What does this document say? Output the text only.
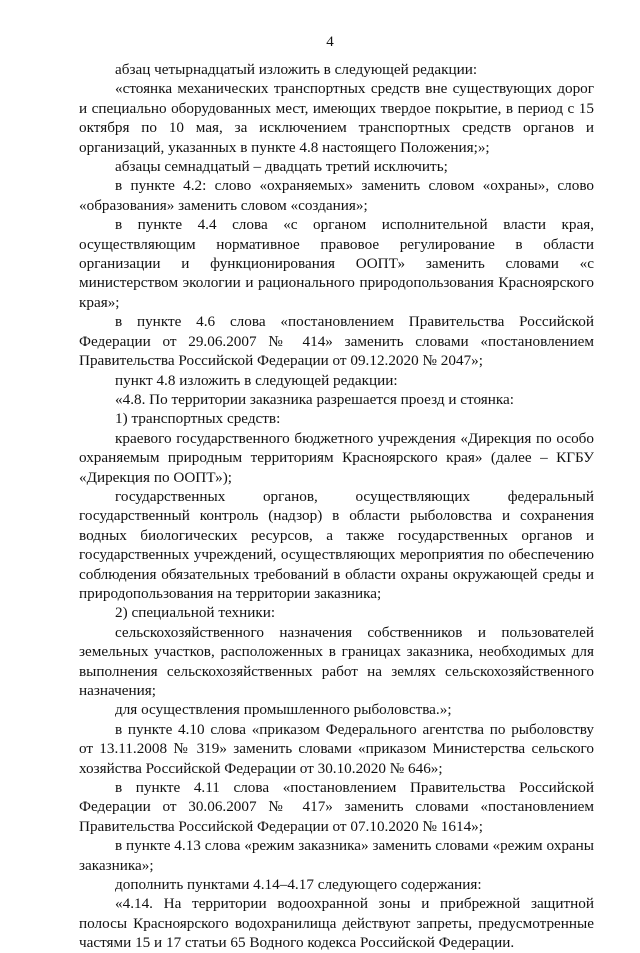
4

абзац четырнадцатый изложить в следующей редакции:

«стоянка механических транспортных средств вне существующих дорог и специально оборудованных мест, имеющих твердое покрытие, в период с 15 октября по 10 мая, за исключением транспортных средств органов и организаций, указанных в пункте 4.8 настоящего Положения;»;

абзацы семнадцатый – двадцать третий исключить;

в пункте 4.2: слово «охраняемых» заменить словом «охраны», слово «образования» заменить словом «создания»;

в пункте 4.4 слова «с органом исполнительной власти края, осуществляющим нормативное правовое регулирование в области организации и функционирования ООПТ» заменить словами «с министерством экологии и рационального природопользования Красноярского края»;

в пункте 4.6 слова «постановлением Правительства Российской Федерации от 29.06.2007 № 414» заменить словами «постановлением Правительства Российской Федерации от 09.12.2020 № 2047»;

пункт 4.8 изложить в следующей редакции:

«4.8. По территории заказника разрешается проезд и стоянка:

1) транспортных средств:

краевого государственного бюджетного учреждения «Дирекция по особо охраняемым природным территориям Красноярского края» (далее – КГБУ «Дирекция по ООПТ»);

государственных органов, осуществляющих федеральный государственный контроль (надзор) в области рыболовства и сохранения водных биологических ресурсов, а также государственных органов и государственных учреждений, осуществляющих мероприятия по обеспечению соблюдения обязательных требований в области охраны окружающей среды и природопользования на территории заказника;

2) специальной техники:

сельскохозяйственного назначения собственников и пользователей земельных участков, расположенных в границах заказника, необходимых для выполнения сельскохозяйственных работ на землях сельскохозяйственного назначения;

для осуществления промышленного рыболовства.»;

в пункте 4.10 слова «приказом Федерального агентства по рыболовству от 13.11.2008 № 319» заменить словами «приказом Министерства сельского хозяйства Российской Федерации от 30.10.2020 № 646»;

в пункте 4.11 слова «постановлением Правительства Российской Федерации от 30.06.2007 № 417» заменить словами «постановлением Правительства Российской Федерации от 07.10.2020 № 1614»;

в пункте 4.13 слова «режим заказника» заменить словами «режим охраны заказника»;

дополнить пунктами 4.14–4.17 следующего содержания:

«4.14. На территории водоохранной зоны и прибрежной защитной полосы Красноярского водохранилища действуют запреты, предусмотренные частями 15 и 17 статьи 65 Водного кодекса Российской Федерации.
